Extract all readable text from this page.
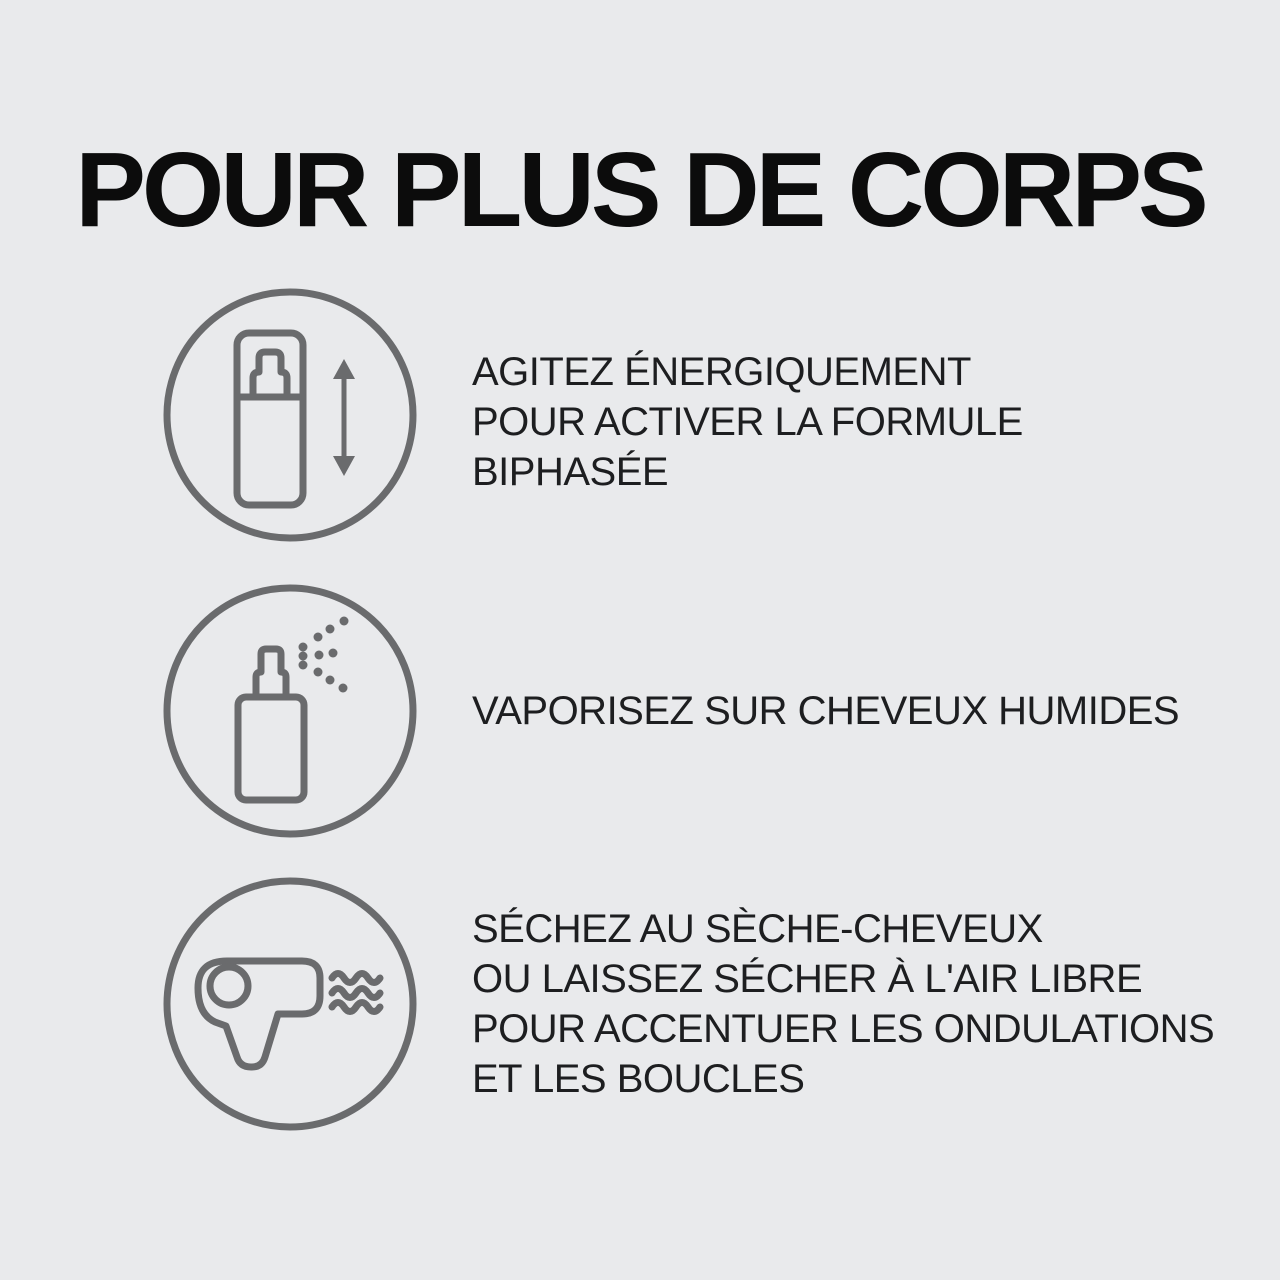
POUR PLUS DE CORPS
AGITEZ ÉNERGIQUEMENT
POUR ACTIVER LA FORMULE
BIPHASÉE
VAPORISEZ SUR CHEVEUX HUMIDES
SÉCHEZ AU SÈCHE-CHEVEUX
OU LAISSEZ SÉCHER À L'AIR LIBRE
POUR ACCENTUER LES ONDULATIONS
ET LES BOUCLES
